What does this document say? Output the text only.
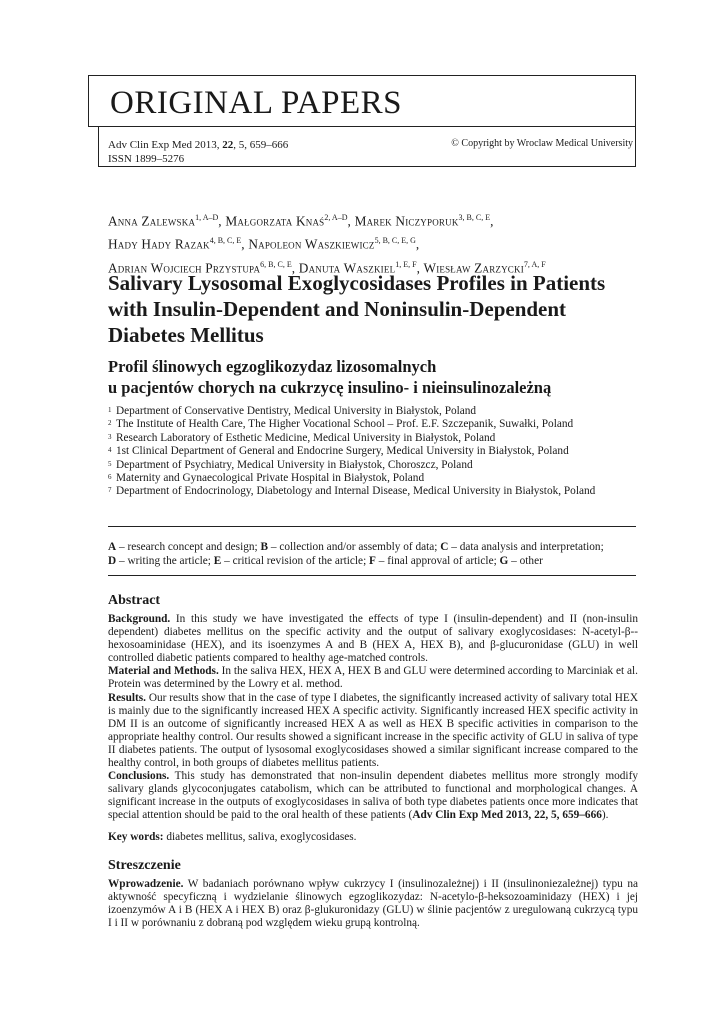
ORIGINAL PAPERS
Adv Clin Exp Med 2013, 22, 5, 659–666
ISSN 1899–5276
© Copyright by Wroclaw Medical University
Anna Zalewska$^{1, A-D}$, Małgorzata Knaś$^{2, A-D}$, Marek Niczyporuk$^{3, B, C, E}$,
Hady Hady Razak$^{4, B, C, E}$, Napoleon Waszkiewicz$^{5, B, C, E, G}$,
Adrian Wojciech Przystupa$^{6, B, C, E}$, Danuta Waszkiel$^{1, E, F}$, Wiesław Zarzycki$^{7, A, F}$
Salivary Lysosomal Exoglycosidases Profiles in Patients with Insulin-Dependent and Noninsulin-Dependent Diabetes Mellitus
Profil ślinowych egzoglikozydaz lizosomalnych
u pacjentów chorych na cukrzycę insulino- i nieinsulinozależną
1 Department of Conservative Dentistry, Medical University in Białystok, Poland
2 The Institute of Health Care, The Higher Vocational School – Prof. E.F. Szczepanik, Suwałki, Poland
3 Research Laboratory of Esthetic Medicine, Medical University in Białystok, Poland
4 1st Clinical Department of General and Endocrine Surgery, Medical University in Białystok, Poland
5 Department of Psychiatry, Medical University in Białystok, Choroszcz, Poland
6 Maternity and Gynaecological Private Hospital in Białystok, Poland
7 Department of Endocrinology, Diabetology and Internal Disease, Medical University in Białystok, Poland
A – research concept and design; B – collection and/or assembly of data; C – data analysis and interpretation;
D – writing the article; E – critical revision of the article; F – final approval of article; G – other
Abstract

Background. In this study we have investigated the effects of type I (insulin-dependent) and II (non-insulin dependent) diabetes mellitus on the specific activity and the output of salivary exoglycosidases: N-acetyl-β--hexosoaminidase (HEX), and its isoenzymes A and B (HEX A, HEX B), and β-glucuronidase (GLU) in well controlled diabetic patients compared to healthy age-matched controls.

Material and Methods. In the saliva HEX, HEX A, HEX B and GLU were determined according to Marciniak et al. Protein was determined by the Lowry et al. method.

Results. Our results show that in the case of type I diabetes, the significantly increased activity of salivary total HEX is mainly due to the significantly increased HEX A specific activity. Significantly increased HEX specific activity in DM II is an outcome of significantly increased HEX A as well as HEX B specific activities in comparison to the appropriate healthy control. Our results showed a significant increase in the specific activity of GLU in saliva of type II diabetes patients. The output of lysosomal exoglycosidases showed a similar significant increase compared to the healthy control, in both groups of diabetes mellitus patients.

Conclusions. This study has demonstrated that non-insulin dependent diabetes mellitus more strongly modify salivary glands glycoconjugates catabolism, which can be attributed to functional and morphological changes. A significant increase in the outputs of exoglycosidases in saliva of both type diabetes patients once more indicates that special attention should be paid to the oral health of these patients (Adv Clin Exp Med 2013, 22, 5, 659–666).

Key words: diabetes mellitus, saliva, exoglycosidases.
Streszczenie

Wprowadzenie. W badaniach porównano wpływ cukrzycy I (insulinozależnej) i II (insulinoniezależnej) typu na aktywność specyficzną i wydzielanie ślinowych egzoglikozydaz: N-acetylo-β-heksozoaminidazy (HEX) i jej izoenzymów A i B (HEX A i HEX B) oraz β-glukuronidazy (GLU) w ślinie pacjentów z uregulowaną cukrzycą typu I i II w porównaniu z dobraną pod względem wieku grupą kontrolną.
